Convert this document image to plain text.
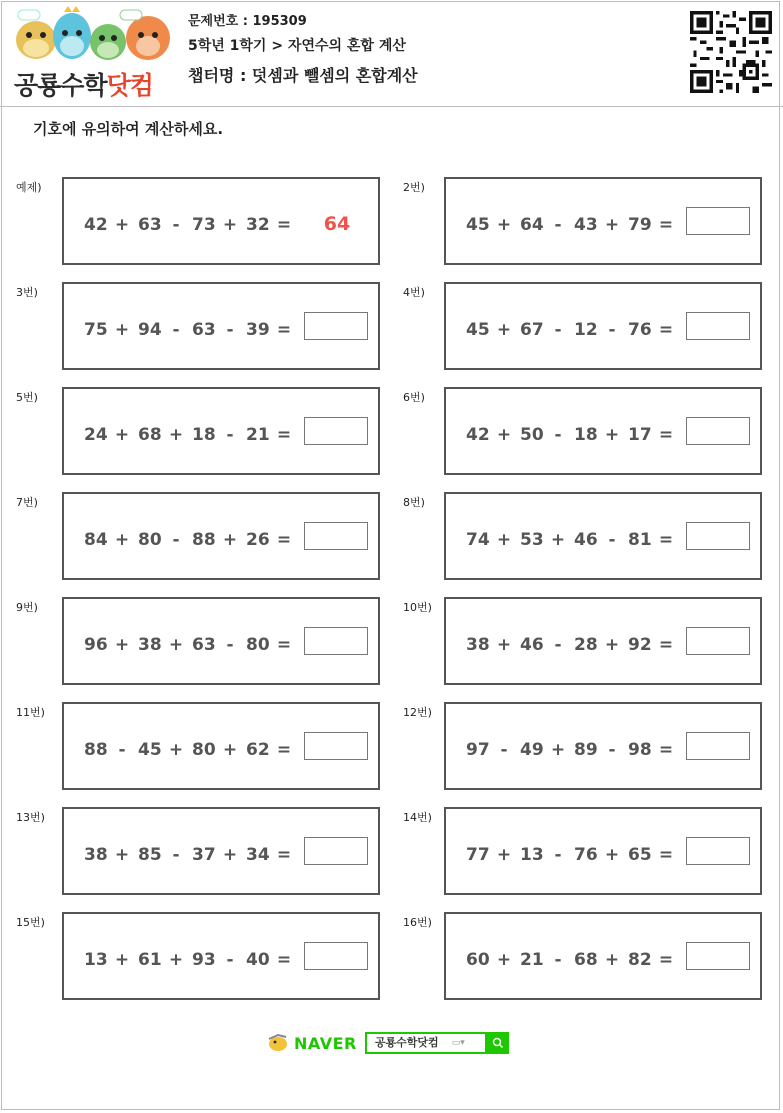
공룡수학닷컴
문제번호 : 195309
5학년 1학기 > 자연수의 혼합 계산
챕터명 : 덧셈과 뺄셈의 혼합계산
기호에 유의하여 계산하세요.
예제)
42 + 63 - 73 + 32 =	64
2번)
45 + 64 - 43 + 79 =
3번)
75 + 94 - 63 - 39 =
4번)
45 + 67 - 12 - 76 =
5번)
24 + 68 + 18 - 21 =
6번)
42 + 50 - 18 + 17 =
7번)
84 + 80 - 88 + 26 =
8번)
74 + 53 + 46 - 81 =
9번)
96 + 38 + 63 - 80 =
10번)
38 + 46 - 28 + 92 =
11번)
88 - 45 + 80 + 62 =
12번)
97 - 49 + 89 - 98 =
13번)
38 + 85 - 37 + 34 =
14번)
77 + 13 - 76 + 65 =
15번)
13 + 61 + 93 - 40 =
16번)
60 + 21 - 68 + 82 =
NAVER	공룡수학닷컴 ▭▾
